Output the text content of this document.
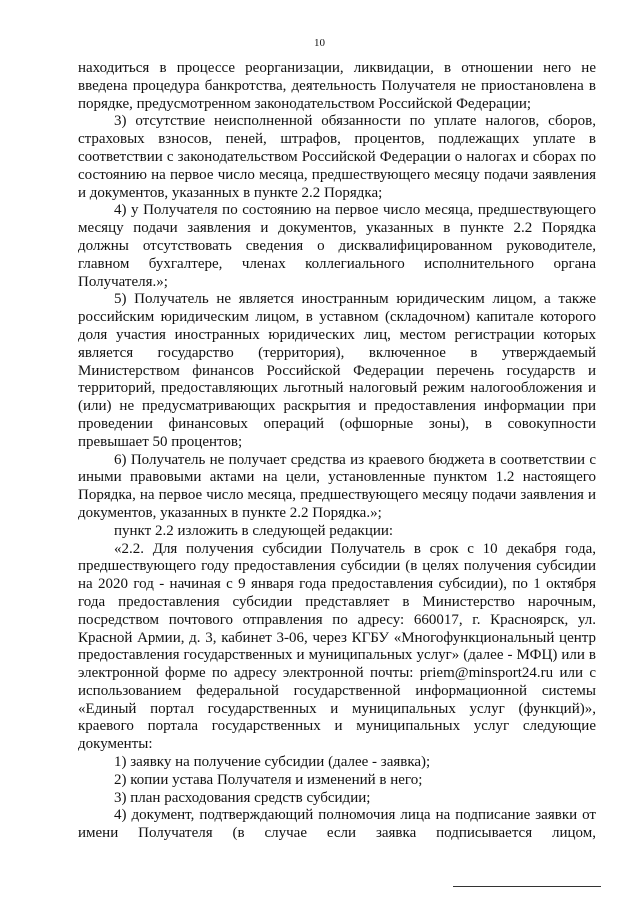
10

находиться в процессе реорганизации, ликвидации, в отношении него не введена процедура банкротства, деятельность Получателя не приостановлена в порядке, предусмотренном законодательством Российской Федерации;

3) отсутствие неисполненной обязанности по уплате налогов, сборов, страховых взносов, пеней, штрафов, процентов, подлежащих уплате в соответствии с законодательством Российской Федерации о налогах и сборах по состоянию на первое число месяца, предшествующего месяцу подачи заявления и документов, указанных в пункте 2.2 Порядка;

4) у Получателя по состоянию на первое число месяца, предшествующего месяцу подачи заявления и документов, указанных в пункте 2.2 Порядка должны отсутствовать сведения о дисквалифицированном руководителе, главном бухгалтере, членах коллегиального исполнительного органа Получателя.»;

5) Получатель не является иностранным юридическим лицом, а также российским юридическим лицом, в уставном (складочном) капитале которого доля участия иностранных юридических лиц, местом регистрации которых является государство (территория), включенное в утверждаемый Министерством финансов Российской Федерации перечень государств и территорий, предоставляющих льготный налоговый режим налогообложения и (или) не предусматривающих раскрытия и предоставления информации при проведении финансовых операций (офшорные зоны), в совокупности превышает 50 процентов;

6) Получатель не получает средства из краевого бюджета в соответствии с иными правовыми актами на цели, установленные пунктом 1.2 настоящего Порядка, на первое число месяца, предшествующего месяцу подачи заявления и документов, указанных в пункте 2.2 Порядка.»;

пункт 2.2 изложить в следующей редакции:

«2.2. Для получения субсидии Получатель в срок с 10 декабря года, предшествующего году предоставления субсидии (в целях получения субсидии на 2020 год - начиная с 9 января года предоставления субсидии), по 1 октября года предоставления субсидии представляет в Министерство нарочным, посредством почтового отправления по адресу: 660017, г. Красноярск, ул. Красной Армии, д. 3, кабинет 3-06, через КГБУ «Многофункциональный центр предоставления государственных и муниципальных услуг» (далее - МФЦ) или в электронной форме по адресу электронной почты: priem@minsport24.ru или с использованием федеральной государственной информационной системы «Единый портал государственных и муниципальных услуг (функций)», краевого портала государственных и муниципальных услуг следующие документы:

1) заявку на получение субсидии (далее - заявка);

2) копии устава Получателя и изменений в него;

3) план расходования средств субсидии;

4) документ, подтверждающий полномочия лица на подписание заявки от имени Получателя (в случае если заявка подписывается лицом,
